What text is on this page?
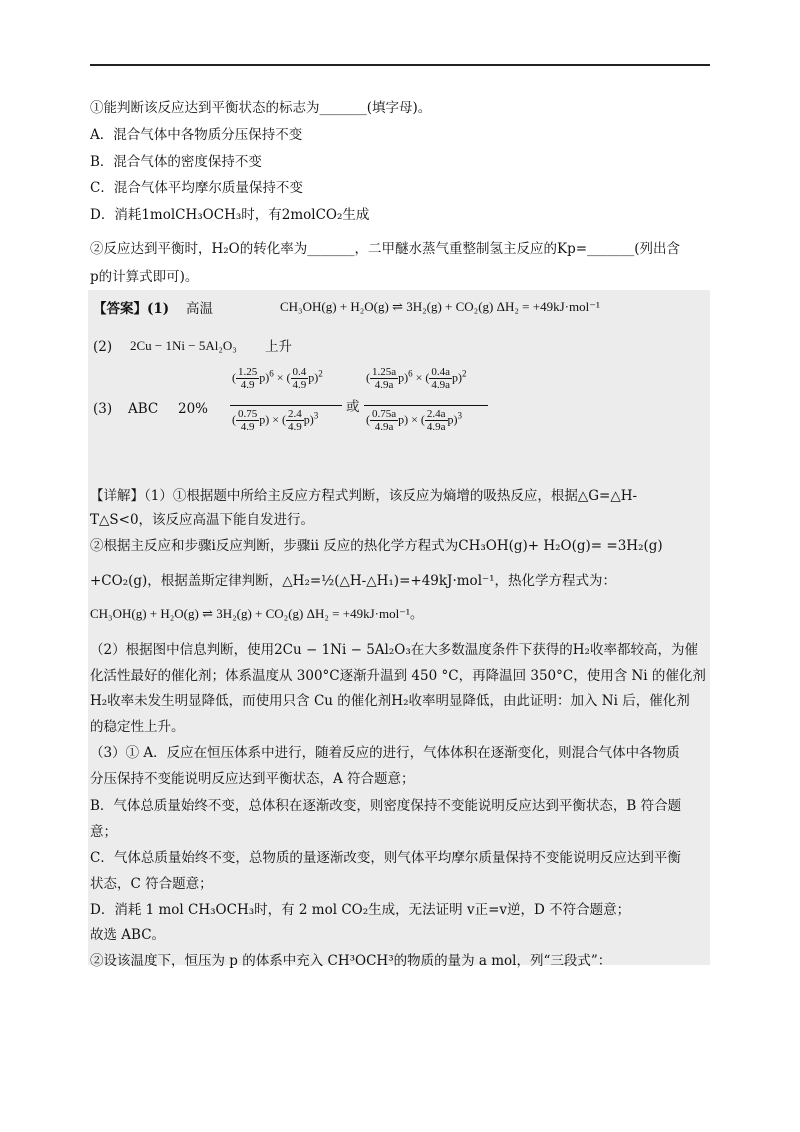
①能判断该反应达到平衡状态的标志为_______(填字母)。
A．混合气体中各物质分压保持不变
B．混合气体的密度保持不变
C．混合气体平均摩尔质量保持不变
D．消耗1molCH₃OCH₃时，有2molCO₂生成
②反应达到平衡时，H₂O的转化率为_______，二甲醚水蒸气重整制氢主反应的Kp=_______(列出含
p的计算式即可)。
【答案】(1) 高温	CH₃OH(g) + H₂O(g) ⇌ 3H₂(g) + CO₂(g) ΔH₂ = +49kJ·mol⁻¹
(2) 2Cu − 1Ni − 5Al₂O₃ 上升
(3) ABC 20%
( $\frac{1.25}{4.9} p)^6$ × ( $\frac{0.4}{4.9} p)^2$
( $\frac{0.75}{4.9} p$) × ( $\frac{2.4}{4.9} p)^3$
或
( $\frac{1.25a}{4.9a} p)^6$ × ( $\frac{0.4a}{4.9a} p)^2$
( $\frac{0.75a}{4.9a} p$) × ( $\frac{2.4a}{4.9a} p)^3$
【详解】（1）①根据题中所给主反应方程式判断，该反应为熵增的吸热反应，根据△G=△H-
T△S<0，该反应高温下能自发进行。
②根据主反应和步骤ⅰ反应判断，步骤ⅱ 反应的热化学方程式为CH₃OH(g)+ H₂O(g)= =3H₂(g)
+CO₂(g)，根据盖斯定律判断，△H₂=½(△H-△H₁)=+49kJ·mol⁻¹，热化学方程式为：
CH₃OH(g) + H₂O(g) ⇌ 3H₂(g) + CO₂(g) ΔH₂ = +49kJ·mol⁻¹。
（2）根据图中信息判断，使用2Cu − 1Ni − 5Al₂O₃在大多数温度条件下获得的H₂收率都较高，为催
化活性最好的催化剂；体系温度从 300°C逐渐升温到 450 °C，再降温回 350°C，使用含 Ni 的催化剂
H₂收率未发生明显降低，而使用只含 Cu 的催化剂H₂收率明显降低，由此证明：加入 Ni 后，催化剂
的稳定性上升。
（3）① A．反应在恒压体系中进行，随着反应的进行，气体体积在逐渐变化，则混合气体中各物质
分压保持不变能说明反应达到平衡状态，A 符合题意；
B．气体总质量始终不变，总体积在逐渐改变，则密度保持不变能说明反应达到平衡状态，B 符合题
意；
C．气体总质量始终不变，总物质的量逐渐改变，则气体平均摩尔质量保持不变能说明反应达到平衡
状态，C 符合题意；
D．消耗 1 mol CH₃OCH₃时，有 2 mol CO₂生成，无法证明 v正=v逆，D 不符合题意；
故选 ABC。
②设该温度下，恒压为 p 的体系中充入 CH³OCH³的物质的量为 a mol，列“三段式”：
